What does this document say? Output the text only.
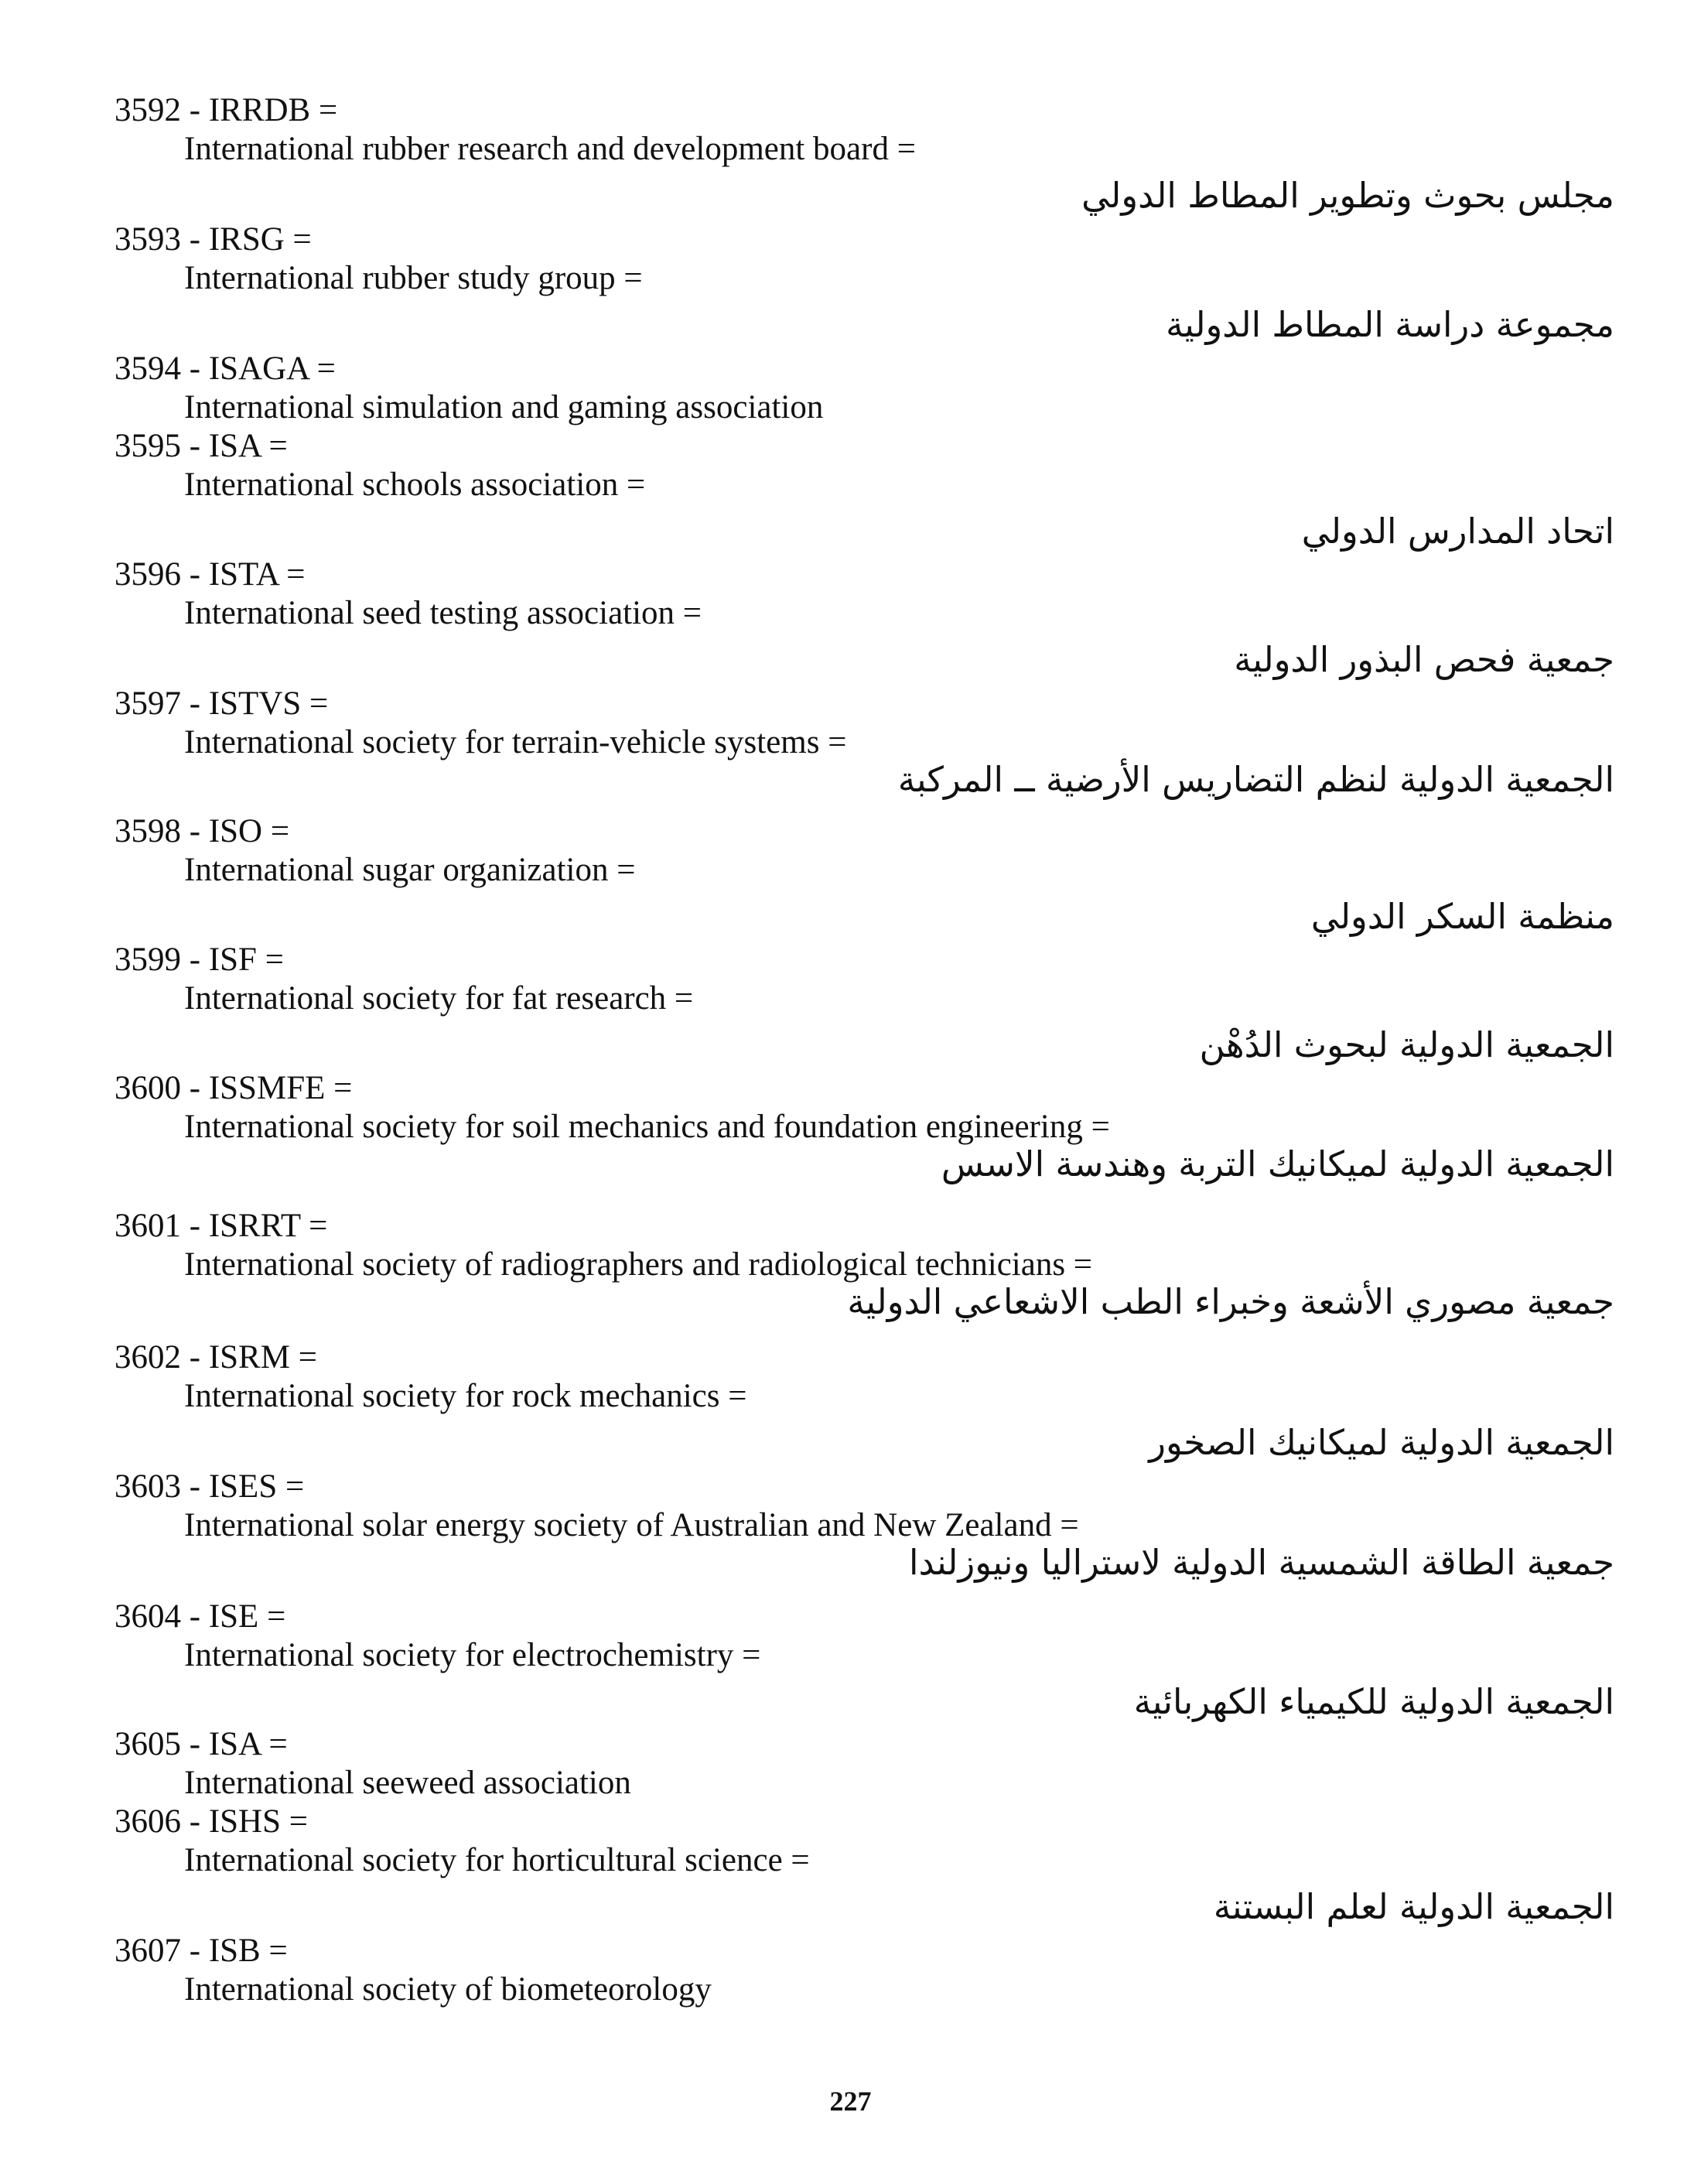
3592 - IRRDB =
International rubber research and development board =
مجلس بحوث وتطوير المطاط الدولي
3593 - IRSG =
International rubber study group =
مجموعة دراسة المطاط الدولية
3594 - ISAGA =
International simulation and gaming association
3595 - ISA =
International schools association =
اتحاد المدارس الدولي
3596 - ISTA =
International seed testing association =
جمعية فحص البذور الدولية
3597 - ISTVS =
International society for terrain-vehicle systems =
الجمعية الدولية لنظم التضاريس الأرضية ــ المركبة
3598 - ISO =
International sugar organization =
منظمة السكر الدولي
3599 - ISF =
International society for fat research =
الجمعية الدولية لبحوث الدُهْن
3600 - ISSMFE =
International society for soil mechanics and foundation engineering =
الجمعية الدولية لميكانيك التربة وهندسة الاسس
3601 - ISRRT =
International society of radiographers and radiological technicians =
جمعية مصوري الأشعة وخبراء الطب الاشعاعي الدولية
3602 - ISRM =
International society for rock mechanics =
الجمعية الدولية لميكانيك الصخور
3603 - ISES =
International solar energy society of Australian and New Zealand =
جمعية الطاقة الشمسية الدولية لاستراليا ونيوزلندا
3604 - ISE =
International society for electrochemistry =
الجمعية الدولية للكيمياء الكهربائية
3605 - ISA =
International seeweed association
3606 - ISHS =
International society for horticultural science =
الجمعية الدولية لعلم البستنة
3607 - ISB =
International society of biometeorology
227
